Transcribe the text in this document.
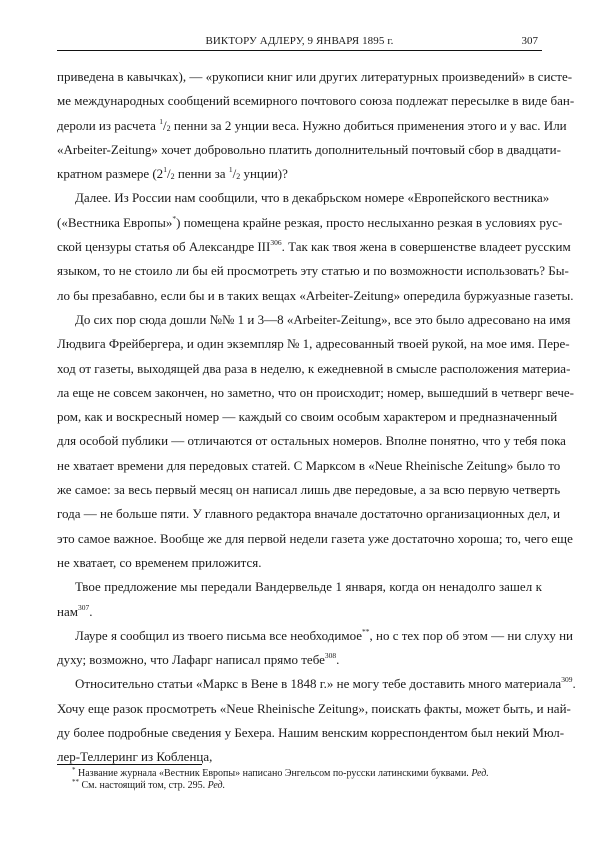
ВИКТОРУ АДЛЕРУ, 9 ЯНВАРЯ 1895 г.	307
приведена в кавычках), — «рукописи книг или других литературных произведений» в систе-
ме международных сообщений всемирного почтового союза подлежат пересылке в виде бан-
дероли из расчета $^1/_2$ пенни за 2 унции веса. Нужно добиться применения этого и у вас. Или
«Arbeiter-Zeitung» хочет добровольно платить дополнительный почтовый сбор в двадцати-
кратном размере ($2^1/_2$ пенни за $^1/_2$ унции)?
Далее. Из России нам сообщили, что в декабрьском номере «Европейского вестника»
(«Вестника Европы»*) помещена крайне резкая, просто неслыханно резкая в условиях рус-
ской цензуры статья об Александре III$^{306}$. Так как твоя жена в совершенстве владеет русским
языком, то не стоило ли бы ей просмотреть эту статью и по возможности использовать? Бы-
ло бы презабавно, если бы и в таких вещах «Arbeiter-Zeitung» опередила буржуазные газеты.
До сих пор сюда дошли №№ 1 и 3—8 «Arbeiter-Zeitung», все это было адресовано на имя
Людвига Фрейбергера, и один экземпляр № 1, адресованный твоей рукой, на мое имя. Пере-
ход от газеты, выходящей два раза в неделю, к ежедневной в смысле расположения материа-
ла еще не совсем закончен, но заметно, что он происходит; номер, вышедший в четверг вече-
ром, как и воскресный номер — каждый со своим особым характером и предназначенный
для особой публики — отличаются от остальных номеров. Вполне понятно, что у тебя пока
не хватает времени для передовых статей. С Марксом в «Neue Rheinische Zeitung» было то
же самое: за весь первый месяц он написал лишь две передовые, а за всю первую четверть
года — не больше пяти. У главного редактора вначале достаточно организационных дел, и
это самое важное. Вообще же для первой недели газета уже достаточно хороша; то, чего еще
не хватает, со временем приложится.
Твое предложение мы передали Вандервельде 1 января, когда он ненадолго зашел к
нам$^{307}$.
Лауре я сообщил из твоего письма все необходимое**, но с тех пор об этом — ни слуху ни
духу; возможно, что Лафарг написал прямо тебе$^{308}$.
Относительно статьи «Маркс в Вене в 1848 г.» не могу тебе доставить много материала$^{309}$.
Хочу еще разок просмотреть «Neue Rheinische Zeitung», поискать факты, может быть, и най-
ду более подробные сведения у Бехера. Нашим венским корреспондентом был некий Мюл-
лер-Теллеринг из Кобленца,
* Название журнала «Вестник Европы» написано Энгельсом по-русски латинскими буквами. Ред.
** См. настоящий том, стр. 295. Ред.
